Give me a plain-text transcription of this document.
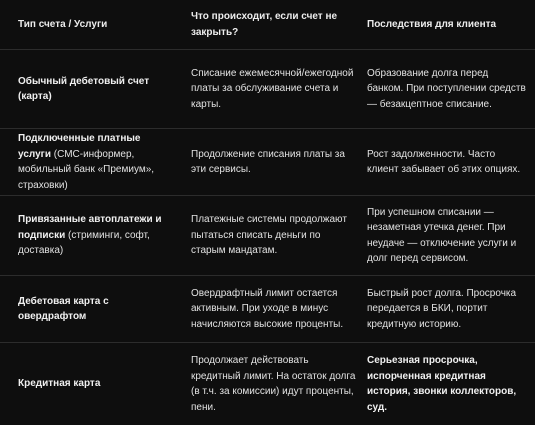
Тип счета / Услуги
Что происходит, если счет не закрыть?
Последствия для клиента
Обычный дебетовый счет (карта)
Списание ежемесячной/ежегодной платы за обслуживание счета и карты.
Образование долга перед банком. При поступлении средств — безакцептное списание.
Подключенные платные услуги (СМС-информер, мобильный банк «Премиум», страховки)
Продолжение списания платы за эти сервисы.
Рост задолженности. Часто клиент забывает об этих опциях.
Привязанные автоплатежи и подписки (стриминги, софт, доставка)
Платежные системы продолжают пытаться списать деньги по старым мандатам.
При успешном списании — незаметная утечка денег. При неудаче — отключение услуги и долг перед сервисом.
Дебетовая карта с овердрафтом
Овердрафтный лимит остается активным. При уходе в минус начисляются высокие проценты.
Быстрый рост долга. Просрочка передается в БКИ, портит кредитную историю.
Кредитная карта
Продолжает действовать кредитный лимит. На остаток долга (в т.ч. за комиссии) идут проценты, пени.
Серьезная просрочка, испорченная кредитная история, звонки коллекторов, суд.
